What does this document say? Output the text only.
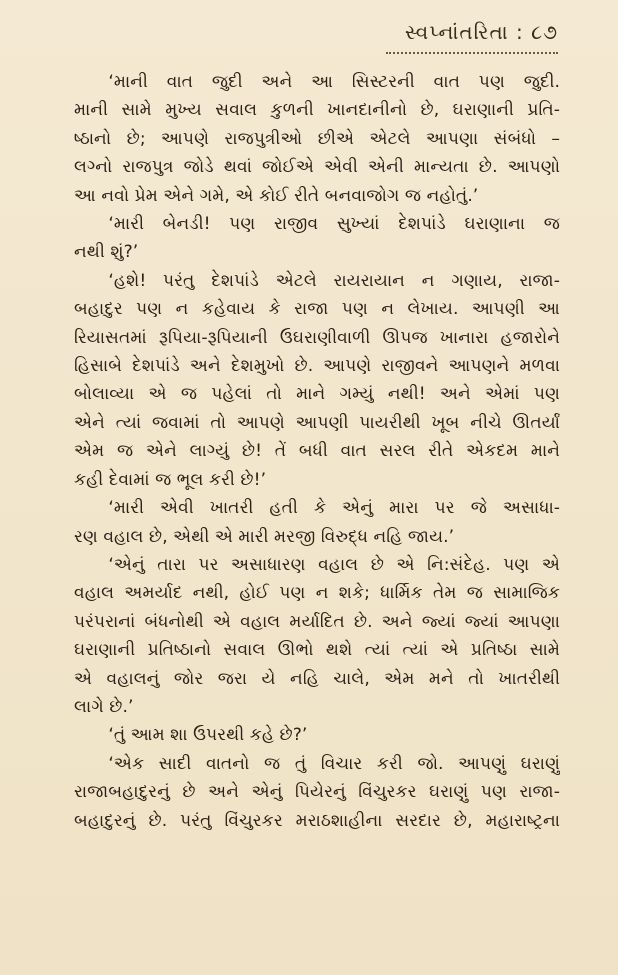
સ્વપ્નાંતરિતા : ૮૭
‘માની વાત જુદી અને આ સિસ્ટરની વાત પણ જુદી.
માની સામે મુખ્ય સવાલ કુળની ખાનદાનીનો છે, ઘરાણાની પ્રતિ-
ષ્ઠાનો છે; આપણે રાજપુત્રીઓ છીએ એટલે આપણા સંબંધો –
લગ્નો રાજપુત્ર જોડે થવાં જોઈએ એવી એની માન્યતા છે. આપણો
આ નવો પ્રેમ એને ગમે, એ કોઈ રીતે બનવાજોગ જ નહોતું.’
‘મારી બેનડી! પણ રાજીવ સુખ્યાં દેશપાંડે ઘરાણાના જ
નથી શું?’
‘હશે! પરંતુ દેશપાંડે એટલે રાયરાયાન ન ગણાય, રાજા-
બહાદુર પણ ન કહેવાય કે રાજા પણ ન લેખાય. આપણી આ
રિયાસતમાં રૂપિયા-રૂપિયાની ઉઘરાણીવાળી ઊપજ ખાનારા હજારોને
હિસાબે દેશપાંડે અને દેશમુખો છે. આપણે રાજીવને આપણને મળવા
બોલાવ્યા એ જ પહેલાં તો માને ગમ્યું નથી! અને એમાં પણ
એને ત્યાં જવામાં તો આપણે આપણી પાયરીથી ખૂબ નીચે ઊતર્યાં
એમ જ એને લાગ્યું છે! તેં બધી વાત સરલ રીતે એકદમ માને
કહી દેવામાં જ ભૂલ કરી છે!’
‘મારી એવી ખાતરી હતી કે એનું મારા પર જે અસાધા-
રણ વહાલ છે, એથી એ મારી મરજી વિરુદ્ધ નહિ જાય.’
‘એનું તારા પર અસાધારણ વહાલ છે એ નિ:સંદેહ. પણ એ
વહાલ અમર્યાદ નથી, હોઈ પણ ન શકે; ધાર્મિક તેમ જ સામાજિક
પરંપરાનાં બંધનોથી એ વહાલ મર્યાદિત છે. અને જ્યાં જ્યાં આપણા
ઘરાણાની પ્રતિષ્ઠાનો સવાલ ઊભો થશે ત્યાં ત્યાં એ પ્રતિષ્ઠા સામે
એ વહાલનું જોર જરા યે નહિ ચાલે, એમ મને તો ખાતરીથી
લાગે છે.’
‘તું આમ શા ઉપરથી કહે છે?’
‘એક સાદી વાતનો જ તું વિચાર કરી જો. આપણું ઘરાણું
રાજાબહાદુરનું છે અને એનું પિયેરનું વિંચુરકર ઘરાણું પણ રાજા-
બહાદુરનું છે. પરંતુ વિંચુરકર મરાઠશાહીના સરદાર છે, મહારાષ્ટ્રના
